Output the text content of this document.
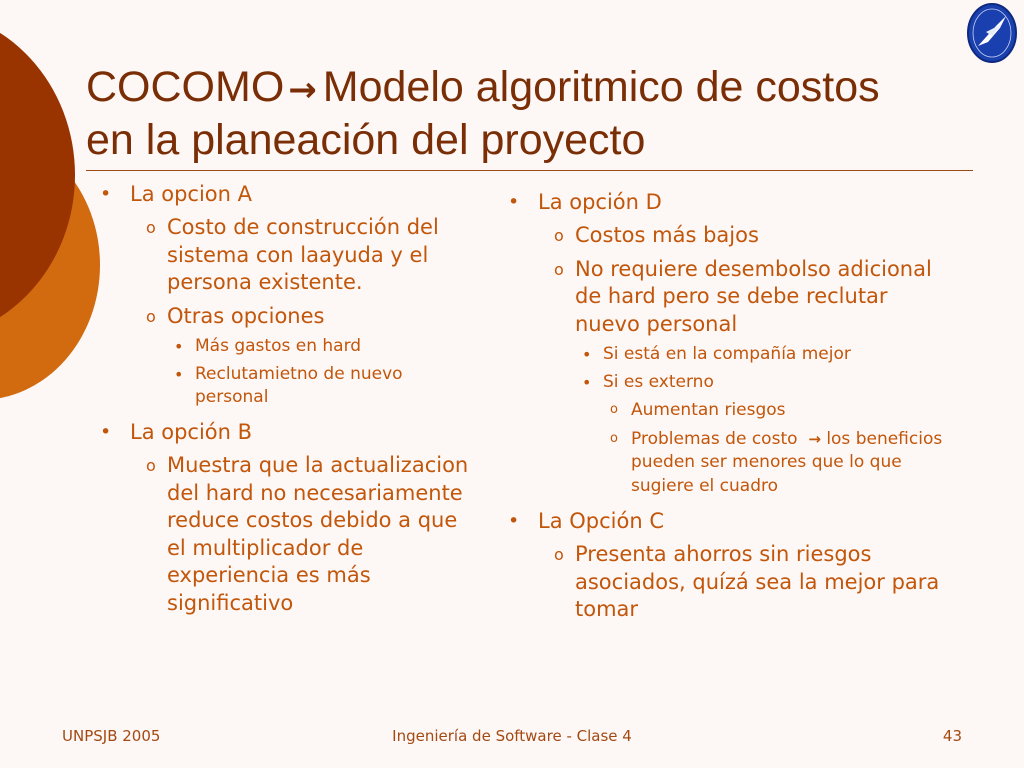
COCOMO → Modelo algoritmico de costos
en la planeación del proyecto
• La opcion A
o Costo de construcción del sistema con laayuda y el persona existente.
o Otras opciones
• Más gastos en hard
• Reclutamietno de nuevo personal
• La opción B
o Muestra que la actualizacion del hard no necesariamente reduce costos debido a que el multiplicador de experiencia es más significativo
• La opción D
o Costos más bajos
o No requiere desembolso adicional de hard pero se debe reclutar nuevo personal
• Si está en la compañía mejor
• Si es externo
o Aumentan riesgos
o Problemas de costo → los beneficios pueden ser menores que lo que sugiere el cuadro
• La Opción C
o Presenta ahorros sin riesgos asociados, quízá sea la mejor para tomar
UNPSJB 2005	Ingeniería de Software - Clase 4	43
